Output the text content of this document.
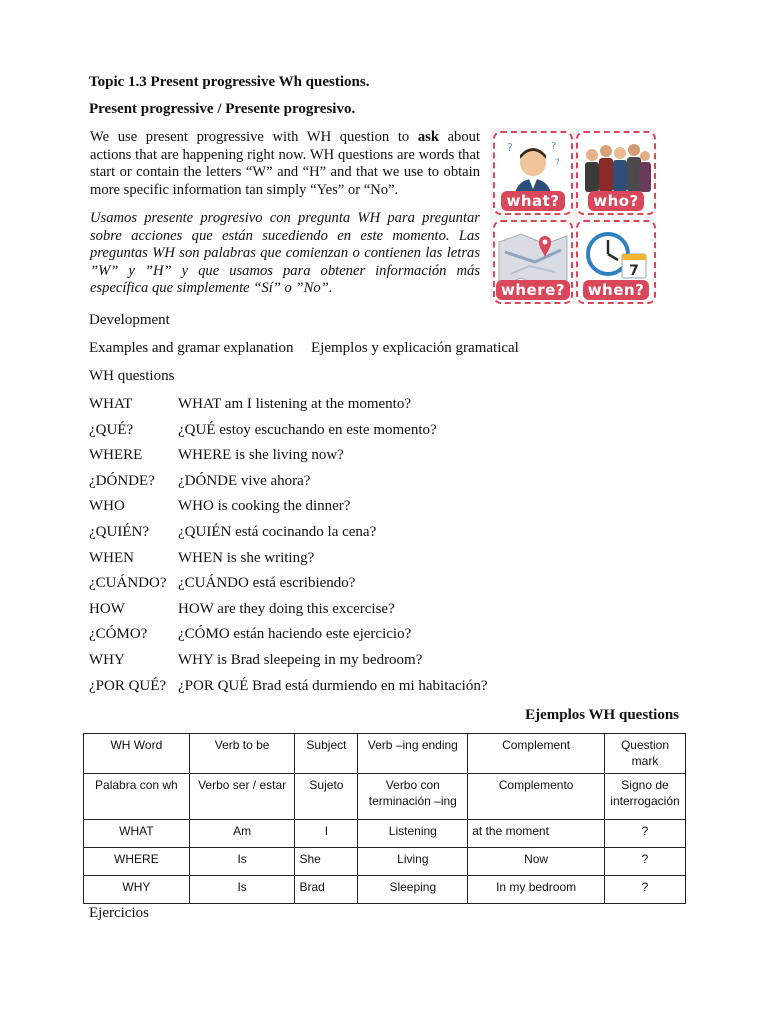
Topic 1.3 Present progressive Wh questions.
Present progressive / Presente progresivo.
We use present progressive with WH question to ask about actions that are happening right now. WH questions are words that start or contain the letters “W” and “H” and that we use to obtain more specific information tan simply “Yes” or “No”.
Usamos presente progresivo con pregunta WH para preguntar sobre acciones que están sucediendo en este momento. Las preguntas WH son palabras que comienzan o contienen las letras ”W” y ”H” y que usamos para obtener información más específica que simplemente “Sí” o ”No”.
?	?
?
what?	who?
where?
7
when?
Development
Examples and gramar explanation Ejemplos y explicación gramatical
WH questions
WHAT	WHAT am I listening at the momento?
¿QUÉ?	¿QUÉ estoy escuchando en este momento?
WHERE WHERE is she living now?
¿DÓNDE? ¿DÓNDE vive ahora?
WHO	WHO is cooking the dinner?
¿QUIÉN? ¿QUIÉN está cocinando la cena?
WHEN	WHEN is she writing?
¿CUÁNDO? ¿CUÁNDO está escribiendo?
HOW	HOW are they doing this excercise?
¿CÓMO? ¿CÓMO están haciendo este ejercicio?
WHY	WHY is Brad sleepeing in my bedroom?
¿POR QUÉ? ¿POR QUÉ Brad está durmiendo en mi habitación?
Ejemplos WH questions
WH Word	Verb to be	Subject	Verb –ing ending	Complement	Question mark
Palabra con wh	Verbo ser / estar	Sujeto	Verbo con terminación –ing	Complemento	Signo de interrogación
WHAT	Am	I	Listening	at the moment	?
WHERE	Is	She	Living	Now	?
WHY	Is	Brad	Sleeping	In my bedroom	?
Ejercicios
